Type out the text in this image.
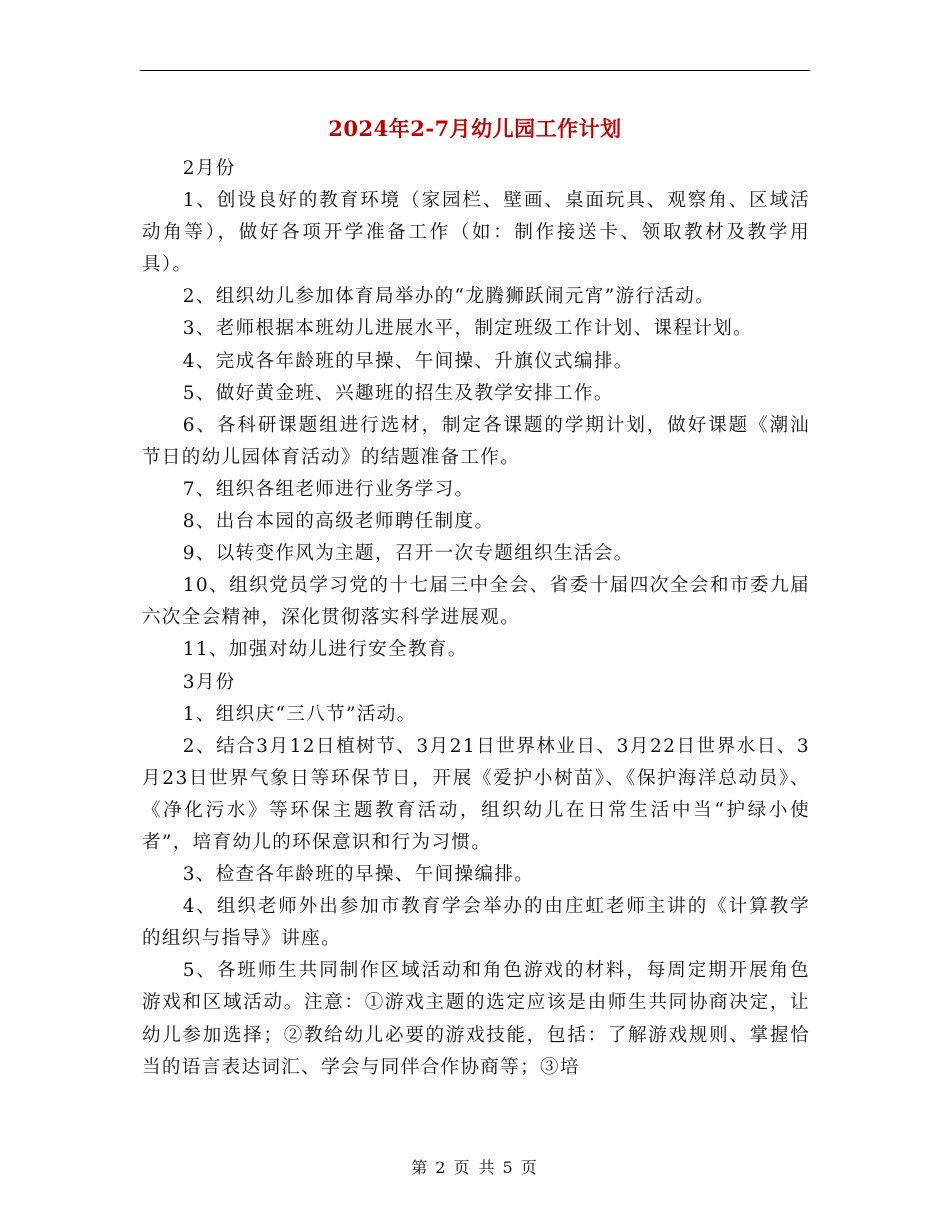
2024年2-7月幼儿园工作计划

2月份

1、创设良好的教育环境（家园栏、壁画、桌面玩具、观察角、区域活动角等），做好各项开学准备工作（如：制作接送卡、领取教材及教学用具）。

2、组织幼儿参加体育局举办的“龙腾狮跃闹元宵”游行活动。

3、老师根据本班幼儿进展水平，制定班级工作计划、课程计划。

4、完成各年龄班的早操、午间操、升旗仪式编排。

5、做好黄金班、兴趣班的招生及教学安排工作。

6、各科研课题组进行选材，制定各课题的学期计划，做好课题《潮汕节日的幼儿园体育活动》的结题准备工作。

7、组织各组老师进行业务学习。

8、出台本园的高级老师聘任制度。

9、以转变作风为主题，召开一次专题组织生活会。

10、组织党员学习党的十七届三中全会、省委十届四次全会和市委九届六次全会精神，深化贯彻落实科学进展观。

11、加强对幼儿进行安全教育。

3月份

1、组织庆“三八节”活动。

2、结合3月12日植树节、3月21日世界林业日、3月22日世界水日、3月23日世界气象日等环保节日，开展《爱护小树苗》、《保护海洋总动员》、《净化污水》等环保主题教育活动，组织幼儿在日常生活中当“护绿小使者”，培育幼儿的环保意识和行为习惯。

3、检查各年龄班的早操、午间操编排。

4、组织老师外出参加市教育学会举办的由庄虹老师主讲的《计算教学的组织与指导》讲座。

5、各班师生共同制作区域活动和角色游戏的材料，每周定期开展角色游戏和区域活动。注意：①游戏主题的选定应该是由师生共同协商决定，让幼儿参加选择；②教给幼儿必要的游戏技能，包括：了解游戏规则、掌握恰当的语言表达词汇、学会与同伴合作协商等；③培

第 2 页 共 5 页
